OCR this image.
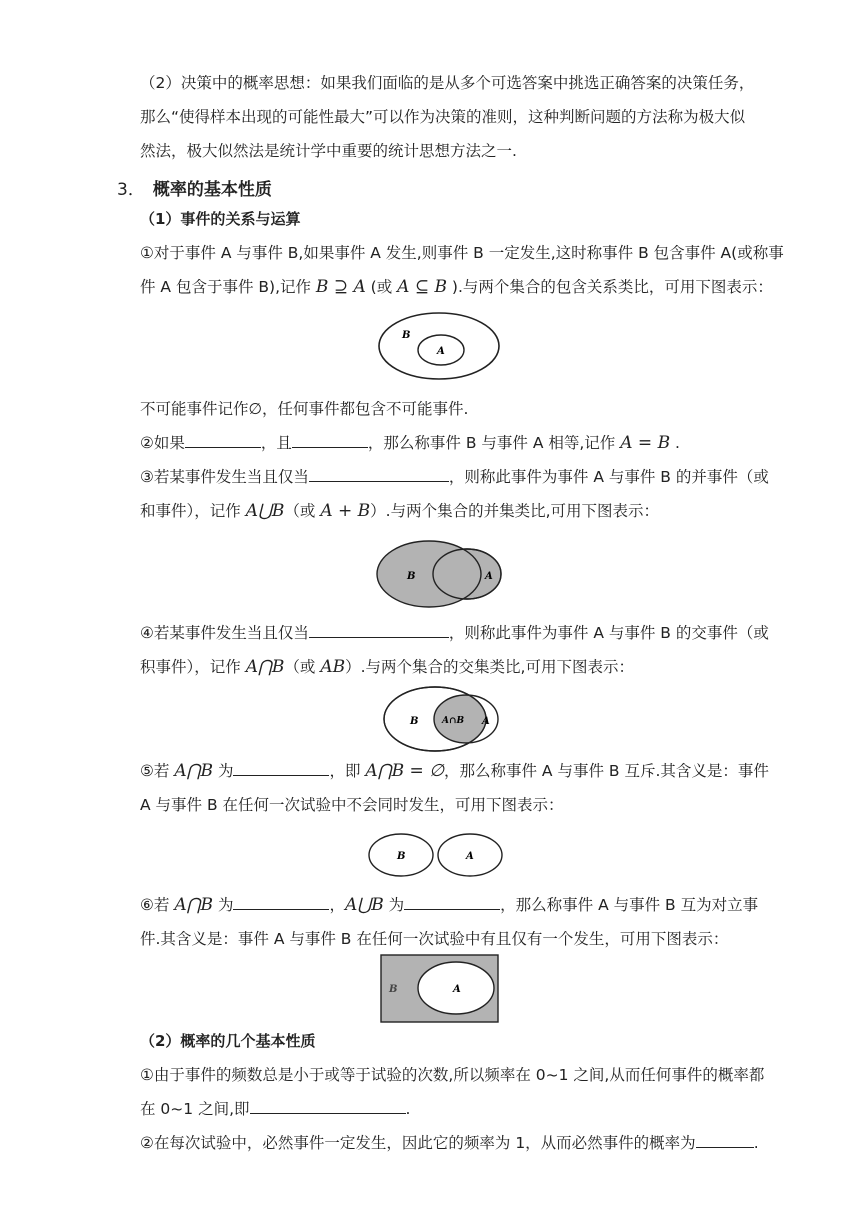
（2）决策中的概率思想：如果我们面临的是从多个可选答案中挑选正确答案的决策任务，
那么“使得样本出现的可能性最大”可以作为决策的准则，这种判断问题的方法称为极大似
然法，极大似然法是统计学中重要的统计思想方法之一.
3． 概率的基本性质
（1）事件的关系与运算
①对于事件 A 与事件 B,如果事件 A 发生,则事件 B 一定发生,这时称事件 B 包含事件 A(或称事
件 A 包含于事件 B),记作 B ⊇ A (或 A ⊆ B ).与两个集合的包含关系类比，可用下图表示：
B
A
不可能事件记作∅，任何事件都包含不可能事件.
②如果	，且	，那么称事件 B 与事件 A 相等,记作 A = B .
③若某事件发生当且仅当	，则称此事件为事件 A 与事件 B 的并事件（或
和事件），记作 A⋃B（或 A + B）.与两个集合的并集类比,可用下图表示：
B	A
④若某事件发生当且仅当	，则称此事件为事件 A 与事件 B 的交事件（或
积事件），记作 A⋂B（或 AB）.与两个集合的交集类比,可用下图表示：
B	A∩B A
⑤若 A⋂B 为	，即 A⋂B = ∅，那么称事件 A 与事件 B 互斥.其含义是：事件
A 与事件 B 在任何一次试验中不会同时发生，可用下图表示：
B	A
⑥若 A⋂B 为	，A⋃B 为	，那么称事件 A 与事件 B 互为对立事
件.其含义是：事件 A 与事件 B 在任何一次试验中有且仅有一个发生，可用下图表示：
B	A
（2）概率的几个基本性质
①由于事件的频数总是小于或等于试验的次数,所以频率在 0~1 之间,从而任何事件的概率都
在 0~1 之间,即	.
②在每次试验中，必然事件一定发生，因此它的频率为 1，从而必然事件的概率为	.
